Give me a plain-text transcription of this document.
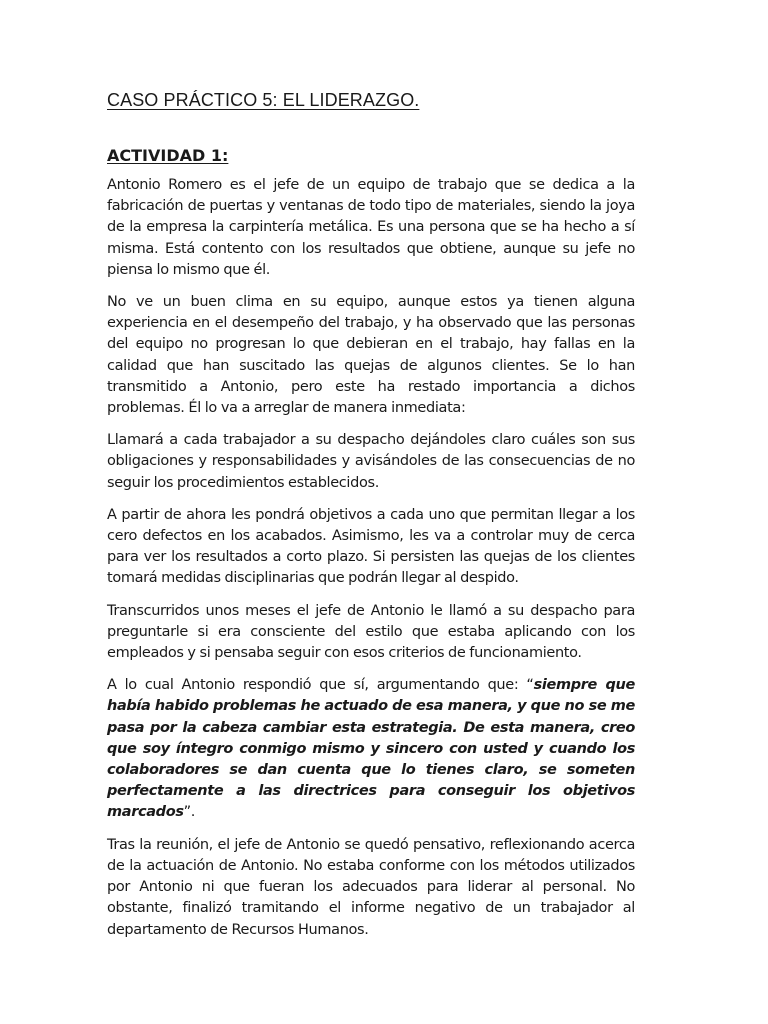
CASO PRÁCTICO 5: EL LIDERAZGO.
ACTIVIDAD 1:

Antonio Romero es el jefe de un equipo de trabajo que se dedica a la fabricación de puertas y ventanas de todo tipo de materiales, siendo la joya de la empresa la carpintería metálica. Es una persona que se ha hecho a sí misma. Está contento con los resultados que obtiene, aunque su jefe no piensa lo mismo que él.

No ve un buen clima en su equipo, aunque estos ya tienen alguna experiencia en el desempeño del trabajo, y ha observado que las personas del equipo no progresan lo que debieran en el trabajo, hay fallas en la calidad que han suscitado las quejas de algunos clientes. Se lo han transmitido a Antonio, pero este ha restado importancia a dichos problemas. Él lo va a arreglar de manera inmediata:

Llamará a cada trabajador a su despacho dejándoles claro cuáles son sus obligaciones y responsabilidades y avisándoles de las consecuencias de no seguir los procedimientos establecidos.

A partir de ahora les pondrá objetivos a cada uno que permitan llegar a los cero defectos en los acabados. Asimismo, les va a controlar muy de cerca para ver los resultados a corto plazo. Si persisten las quejas de los clientes tomará medidas disciplinarias que podrán llegar al despido.

Transcurridos unos meses el jefe de Antonio le llamó a su despacho para preguntarle si era consciente del estilo que estaba aplicando con los empleados y si pensaba seguir con esos criterios de funcionamiento.

A lo cual Antonio respondió que sí, argumentando que: “siempre que había habido problemas he actuado de esa manera, y que no se me pasa por la cabeza cambiar esta estrategia. De esta manera, creo que soy íntegro conmigo mismo y sincero con usted y cuando los colaboradores se dan cuenta que lo tienes claro, se someten perfectamente a las directrices para conseguir los objetivos marcados”.

Tras la reunión, el jefe de Antonio se quedó pensativo, reflexionando acerca de la actuación de Antonio. No estaba conforme con los métodos utilizados por Antonio ni que fueran los adecuados para liderar al personal. No obstante, finalizó tramitando el informe negativo de un trabajador al departamento de Recursos Humanos.
